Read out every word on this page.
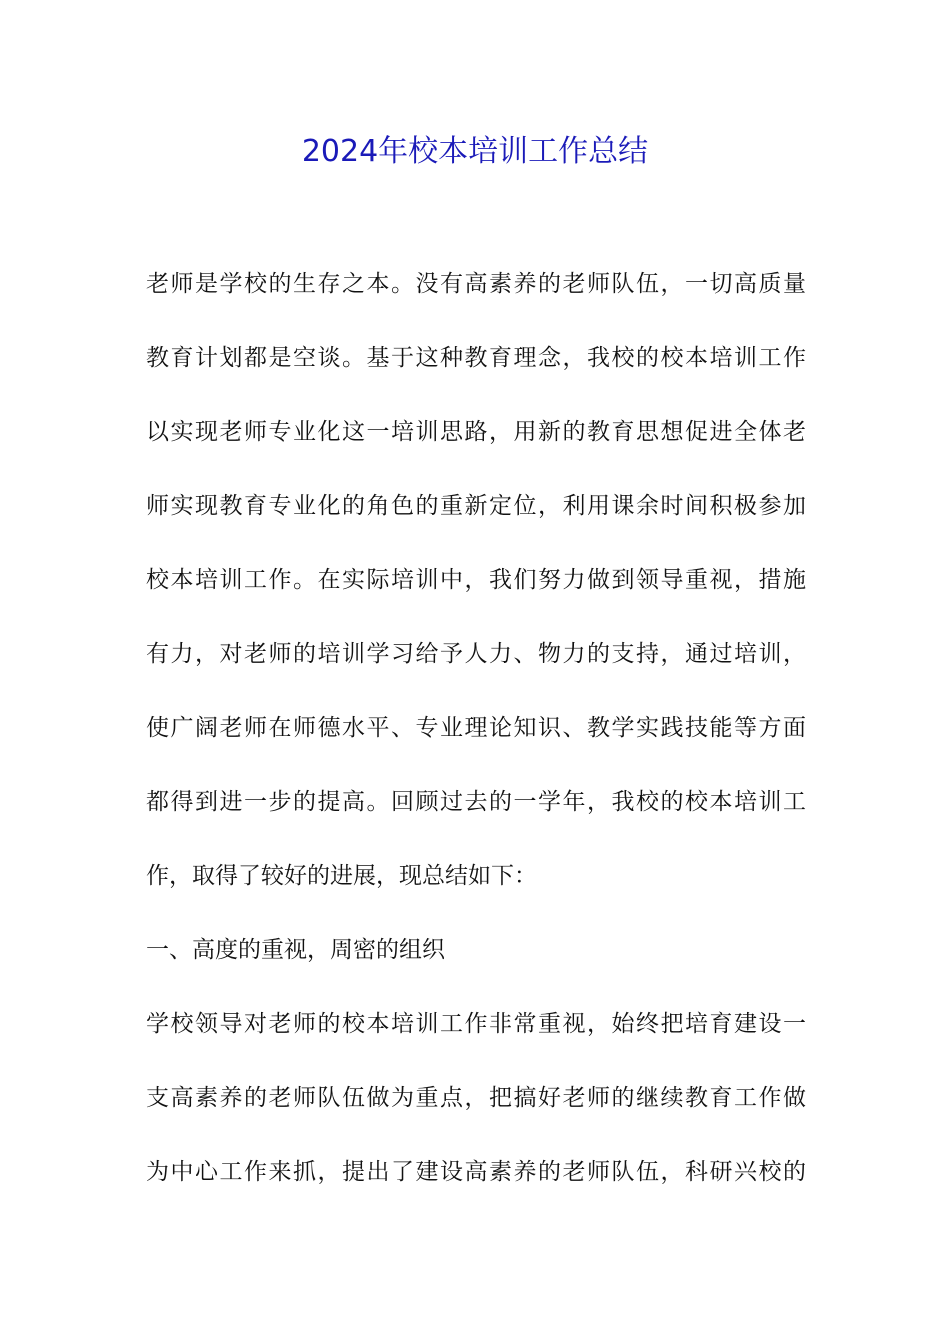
2024年校本培训工作总结
老师是学校的生存之本。没有高素养的老师队伍，一切高质量
教育计划都是空谈。基于这种教育理念，我校的校本培训工作
以实现老师专业化这一培训思路，用新的教育思想促进全体老
师实现教育专业化的角色的重新定位，利用课余时间积极参加
校本培训工作。在实际培训中，我们努力做到领导重视，措施
有力，对老师的培训学习给予人力、物力的支持，通过培训，
使广阔老师在师德水平、专业理论知识、教学实践技能等方面
都得到进一步的提高。回顾过去的一学年，我校的校本培训工
作，取得了较好的进展，现总结如下：
一、高度的重视，周密的组织
学校领导对老师的校本培训工作非常重视，始终把培育建设一
支高素养的老师队伍做为重点，把搞好老师的继续教育工作做
为中心工作来抓，提出了建设高素养的老师队伍，科研兴校的
